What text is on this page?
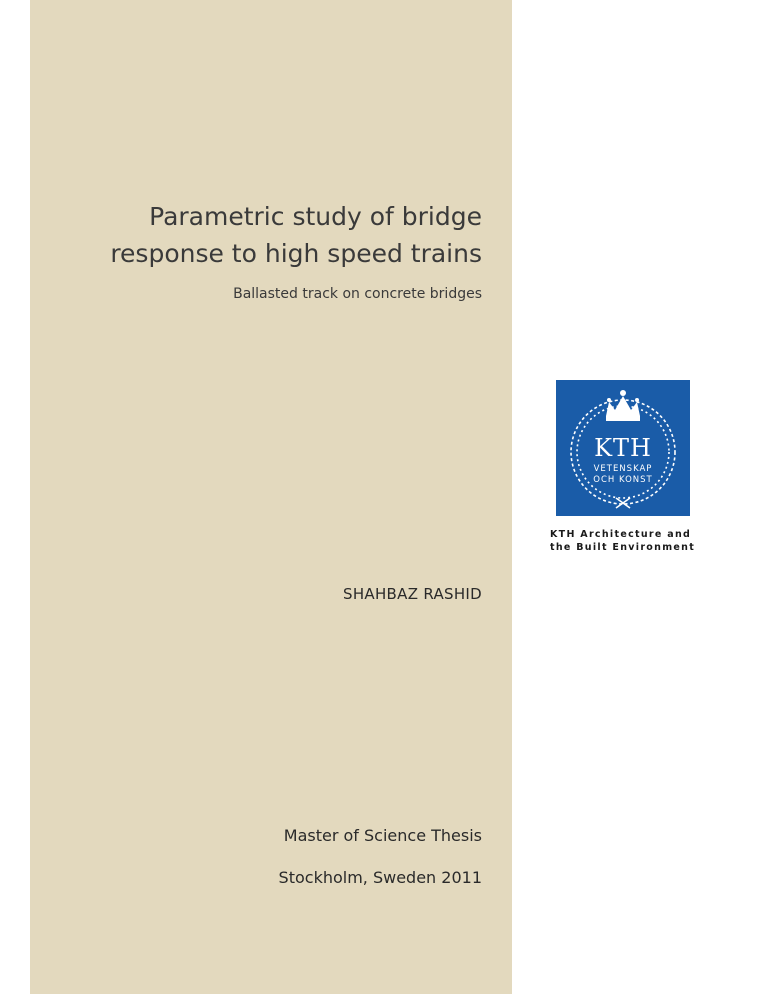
Parametric study of bridge
response to high speed trains
Ballasted track on concrete bridges
SHAHBAZ RASHID
Master of Science Thesis
Stockholm, Sweden 2011
KTH
VETENSKAP
OCH KONST
KTH Architecture and
the Built Environment
